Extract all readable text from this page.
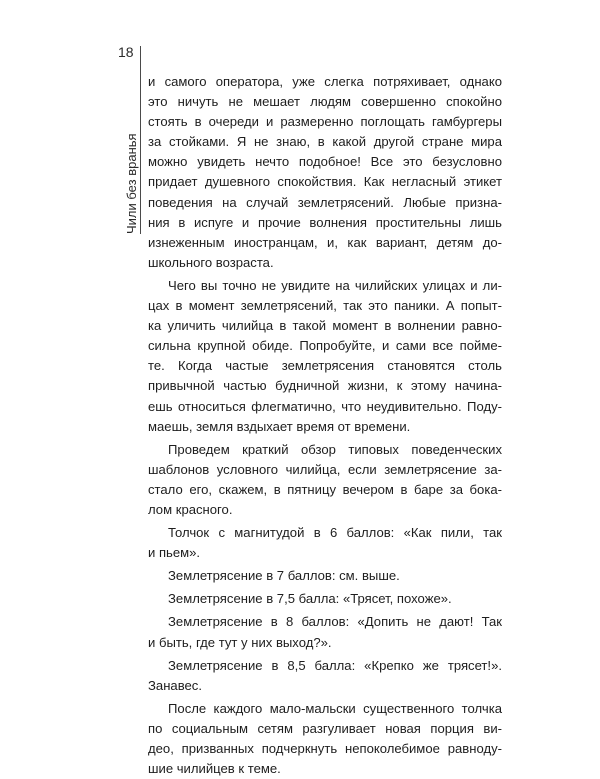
18
Чили без вранья

и самого оператора, уже слегка потряхивает, однако
это ничуть не мешает людям совершенно спокойно
стоять в очереди и размеренно поглощать гамбургеры
за стойками. Я не знаю, в какой другой стране мира
можно увидеть нечто подобное! Все это безусловно
придает душевного спокойствия. Как негласный этикет
поведения на случай землетрясений. Любые призна-
ния в испуге и прочие волнения простительны лишь
изнеженным иностранцам, и, как вариант, детям до-
школьного возраста.

Чего вы точно не увидите на чилийских улицах и ли-
цах в момент землетрясений, так это паники. А попыт-
ка уличить чилийца в такой момент в волнении равно-
сильна крупной обиде. Попробуйте, и сами все пойме-
те. Когда частые землетрясения становятся столь
привычной частью будничной жизни, к этому начина-
ешь относиться флегматично, что неудивительно. Поду-
маешь, земля вздыхает время от времени.

Проведем краткий обзор типовых поведенческих
шаблонов условного чилийца, если землетрясение за-
стало его, скажем, в пятницу вечером в баре за бока-
лом красного.

Толчок с магнитудой в 6 баллов: «Как пили, так
и пьем».

Землетрясение в 7 баллов: см. выше.

Землетрясение в 7,5 балла: «Трясет, похоже».

Землетрясение в 8 баллов: «Допить не дают! Так
и быть, где тут у них выход?».

Землетрясение в 8,5 балла: «Крепко же трясет!».
Занавес.

После каждого мало-мальски существенного толчка
по социальным сетям разгуливает новая порция ви-
део, призванных подчеркнуть непоколебимое равноду-
шие чилийцев к теме.
